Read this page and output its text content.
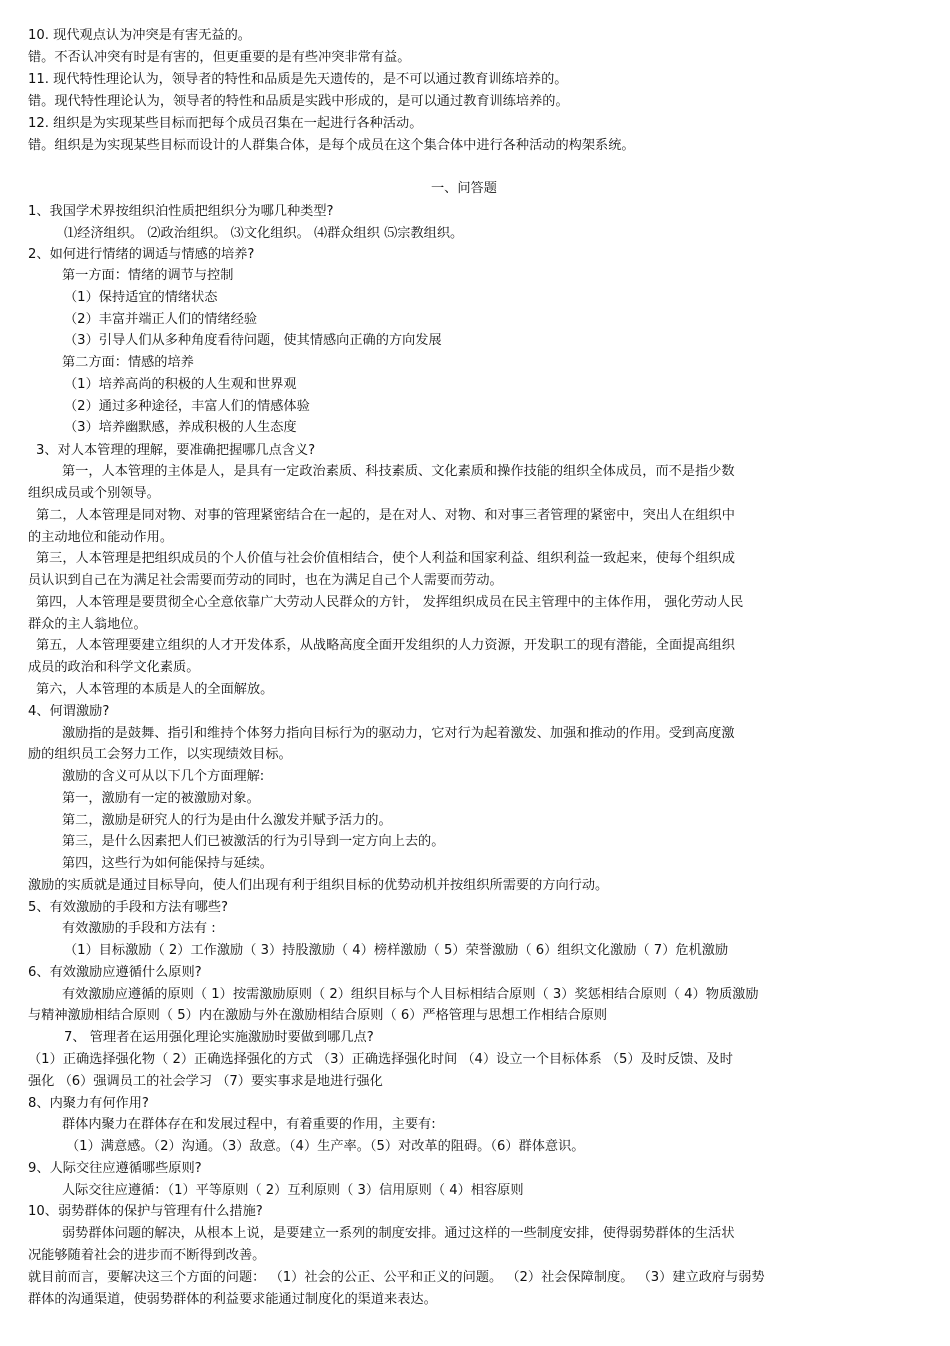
10. 现代观点认为冲突是有害无益的。
错。不否认冲突有时是有害的，但更重要的是有些冲突非常有益。
11. 现代特性理论认为，领导者的特性和品质是先天遗传的，是不可以通过教育训练培养的。
错。现代特性理论认为，领导者的特性和品质是实践中形成的，是可以通过教育训练培养的。
12. 组织是为实现某些目标而把每个成员召集在一起进行各种活动。
错。组织是为实现某些目标而设计的人群集合体，是每个成员在这个集合体中进行各种活动的构架系统。
一、问答题
1、我国学术界按组织泊性质把组织分为哪几种类型?
⑴经济组织。 ⑵政治组织。 ⑶文化组织。 ⑷群众组织 ⑸宗教组织。
2、如何进行情绪的调适与情感的培养?
第一方面：情绪的调节与控制
（1）保持适宜的情绪状态
（2）丰富并端正人们的情绪经验
（3）引导人们从多种角度看待问题，使其情感向正确的方向发展
第二方面：情感的培养
（1）培养高尚的积极的人生观和世界观
（2）通过多种途径，丰富人们的情感体验
（3）培养幽默感，养成积极的人生态度
3、对人本管理的理解，要准确把握哪几点含义?
第一，人本管理的主体是人，是具有一定政治素质、科技素质、文化素质和操作技能的组织全体成员，而不是指少数
组织成员或个别领导。
第二，人本管理是同对物、对事的管理紧密结合在一起的，是在对人、对物、和对事三者管理的紧密中，突出人在组织中
的主动地位和能动作用。
第三，人本管理是把组织成员的个人价值与社会价值相结合，使个人利益和国家利益、组织利益一致起来，使每个组织成
员认识到自己在为满足社会需要而劳动的同时，也在为满足自己个人需要而劳动。
第四，人本管理是要贯彻全心全意依靠广大劳动人民群众的方针， 发挥组织成员在民主管理中的主体作用， 强化劳动人民
群众的主人翁地位。
第五，人本管理要建立组织的人才开发体系，从战略高度全面开发组织的人力资源，开发职工的现有潜能，全面提高组织
成员的政治和科学文化素质。
第六，人本管理的本质是人的全面解放。
4、何谓激励?
激励指的是鼓舞、指引和维持个体努力指向目标行为的驱动力，它对行为起着激发、加强和推动的作用。受到高度激
励的组织员工会努力工作，以实现绩效目标。
激励的含义可从以下几个方面理解:
第一，激励有一定的被激励对象。
第二，激励是研究人的行为是由什么激发并赋予活力的。
第三，是什么因素把人们已被激活的行为引导到一定方向上去的。
第四，这些行为如何能保持与延续。
激励的实质就是通过目标导向，使人们出现有利于组织目标的优势动机并按组织所需要的方向行动。
5、有效激励的手段和方法有哪些?
有效激励的手段和方法有 :
（1）目标激励（ 2）工作激励（ 3）持股激励（ 4）榜样激励（ 5）荣誉激励（ 6）组织文化激励（ 7）危机激励
6、有效激励应遵循什么原则?
有效激励应遵循的原则（ 1）按需激励原则（ 2）组织目标与个人目标相结合原则（ 3）奖惩相结合原则（ 4）物质激励
与精神激励相结合原则（ 5）内在激励与外在激励相结合原则（ 6）严格管理与思想工作相结合原则
7、 管理者在运用强化理论实施激励时要做到哪几点?
（1）正确选择强化物（ 2）正确选择强化的方式 （3）正确选择强化时间 （4）设立一个目标体系 （5）及时反馈、及时
强化 （6）强调员工的社会学习 （7）要实事求是地进行强化
8、内聚力有何作用?
群体内聚力在群体存在和发展过程中，有着重要的作用，主要有:
（1）满意感。（2）沟通。（3）敌意。（4）生产率。（5）对改革的阻碍。（6）群体意识。
9、人际交往应遵循哪些原则?
人际交往应遵循：（1）平等原则（ 2）互利原则（ 3）信用原则（ 4）相容原则
10、弱势群体的保护与管理有什么措施?
弱势群体问题的解决，从根本上说，是要建立一系列的制度安排。通过这样的一些制度安排，使得弱势群体的生活状
况能够随着社会的进步而不断得到改善。
就目前而言，要解决这三个方面的问题： （1）社会的公正、公平和正义的问题。 （2）社会保障制度。 （3）建立政府与弱势
群体的沟通渠道，使弱势群体的利益要求能通过制度化的渠道来表达。
